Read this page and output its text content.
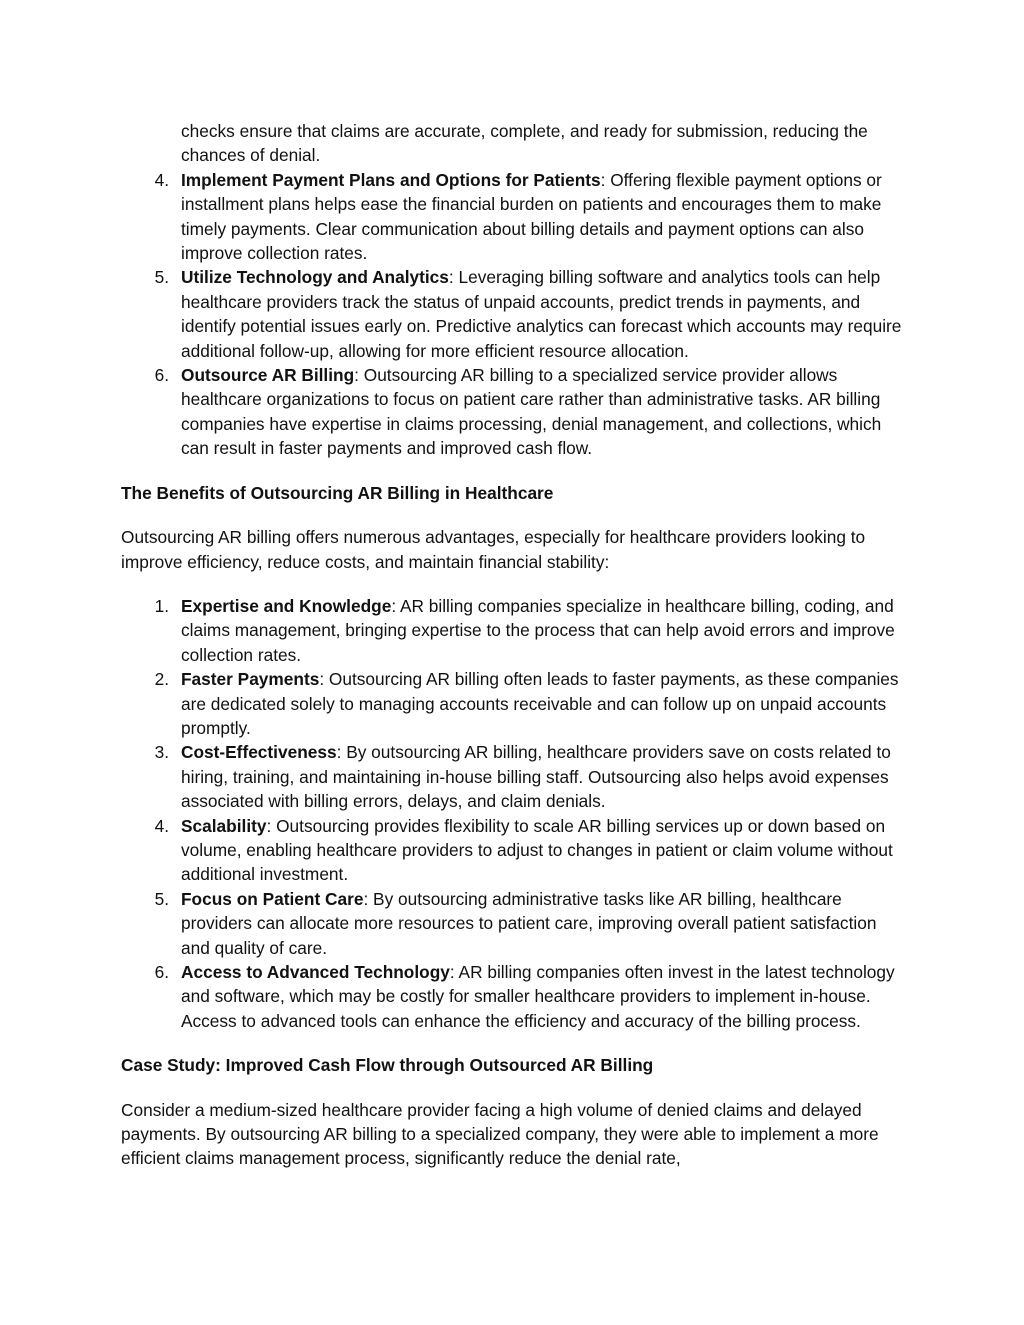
checks ensure that claims are accurate, complete, and ready for submission, reducing the chances of denial.

4. Implement Payment Plans and Options for Patients: Offering flexible payment options or installment plans helps ease the financial burden on patients and encourages them to make timely payments. Clear communication about billing details and payment options can also improve collection rates.
5. Utilize Technology and Analytics: Leveraging billing software and analytics tools can help healthcare providers track the status of unpaid accounts, predict trends in payments, and identify potential issues early on. Predictive analytics can forecast which accounts may require additional follow-up, allowing for more efficient resource allocation.
6. Outsource AR Billing: Outsourcing AR billing to a specialized service provider allows healthcare organizations to focus on patient care rather than administrative tasks. AR billing companies have expertise in claims processing, denial management, and collections, which can result in faster payments and improved cash flow.
The Benefits of Outsourcing AR Billing in Healthcare

Outsourcing AR billing offers numerous advantages, especially for healthcare providers looking to improve efficiency, reduce costs, and maintain financial stability:

1. Expertise and Knowledge: AR billing companies specialize in healthcare billing, coding, and claims management, bringing expertise to the process that can help avoid errors and improve collection rates.
2. Faster Payments: Outsourcing AR billing often leads to faster payments, as these companies are dedicated solely to managing accounts receivable and can follow up on unpaid accounts promptly.
3. Cost-Effectiveness: By outsourcing AR billing, healthcare providers save on costs related to hiring, training, and maintaining in-house billing staff. Outsourcing also helps avoid expenses associated with billing errors, delays, and claim denials.
4. Scalability: Outsourcing provides flexibility to scale AR billing services up or down based on volume, enabling healthcare providers to adjust to changes in patient or claim volume without additional investment.
5. Focus on Patient Care: By outsourcing administrative tasks like AR billing, healthcare providers can allocate more resources to patient care, improving overall patient satisfaction and quality of care.
6. Access to Advanced Technology: AR billing companies often invest in the latest technology and software, which may be costly for smaller healthcare providers to implement in-house. Access to advanced tools can enhance the efficiency and accuracy of the billing process.
Case Study: Improved Cash Flow through Outsourced AR Billing

Consider a medium-sized healthcare provider facing a high volume of denied claims and delayed payments. By outsourcing AR billing to a specialized company, they were able to implement a more efficient claims management process, significantly reduce the denial rate,
